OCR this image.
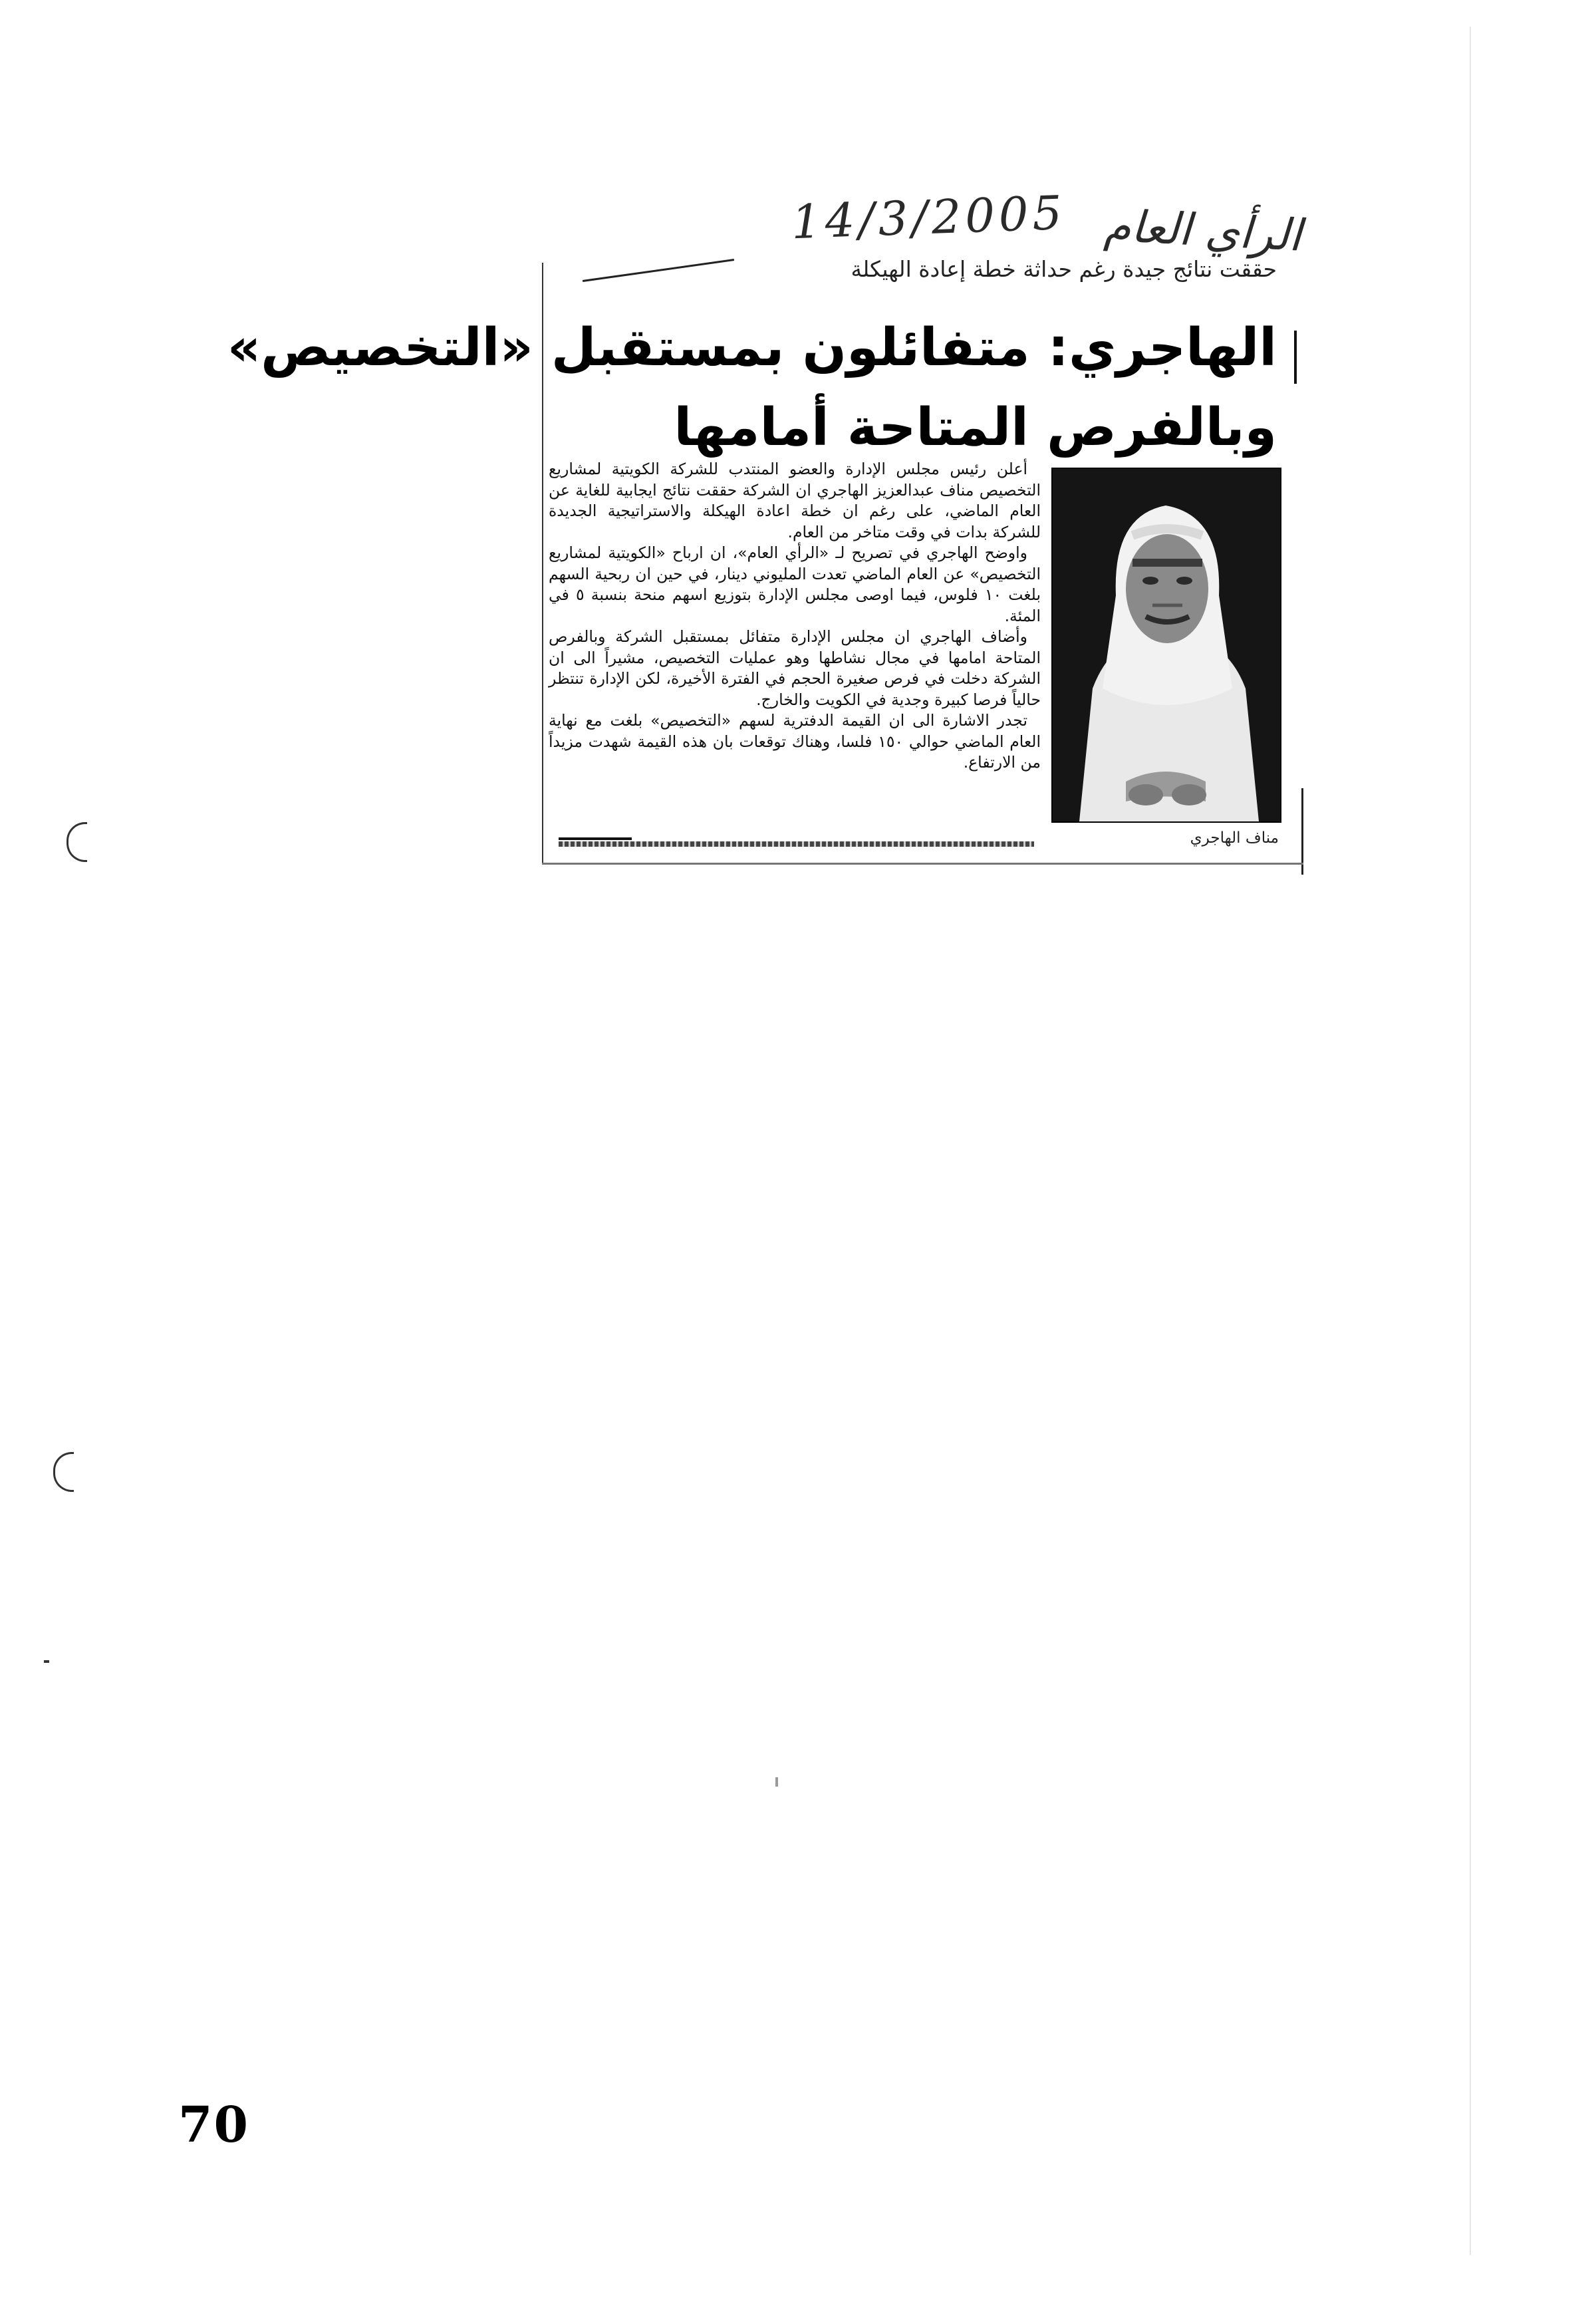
14/3/2005 الرأي العام
حققت نتائج جيدة رغم حداثة خطة إعادة الهيكلة
الهاجري: متفائلون بمستقبل «التخصيص»
وبالفرص المتاحة أمامها

أعلن رئيس مجلس الإدارة والعضو المنتدب للشركة الكويتية لمشاريع التخصيص مناف عبدالعزيز الهاجري ان الشركة حققت نتائج ايجابية للغاية عن العام الماضي، على رغم ان خطة اعادة الهيكلة والاستراتيجية الجديدة للشركة بدات في وقت متاخر من العام.

واوضح الهاجري في تصريح لـ «الرأي العام»، ان ارباح «الكويتية لمشاريع التخصيص» عن العام الماضي تعدت المليوني دينار، في حين ان ربحية السهم بلغت ١٠ فلوس، فيما اوصى مجلس الإدارة بتوزيع اسهم منحة بنسبة ٥ في المئة.

وأضاف الهاجري ان مجلس الإدارة متفائل بمستقبل الشركة وبالفرص المتاحة امامها في مجال نشاطها وهو عمليات التخصيص، مشيراً الى ان الشركة دخلت في فرص صغيرة الحجم في الفترة الأخيرة، لكن الإدارة تنتظر حالياً فرصا كبيرة وجدية في الكويت والخارج.

تجدر الاشارة الى ان القيمة الدفترية لسهم «التخصيص» بلغت مع نهاية العام الماضي حوالي ١٥٠ فلسا، وهناك توقعات بان هذه القيمة شهدت مزيداً من الارتفاع.

مناف الهاجري
70
